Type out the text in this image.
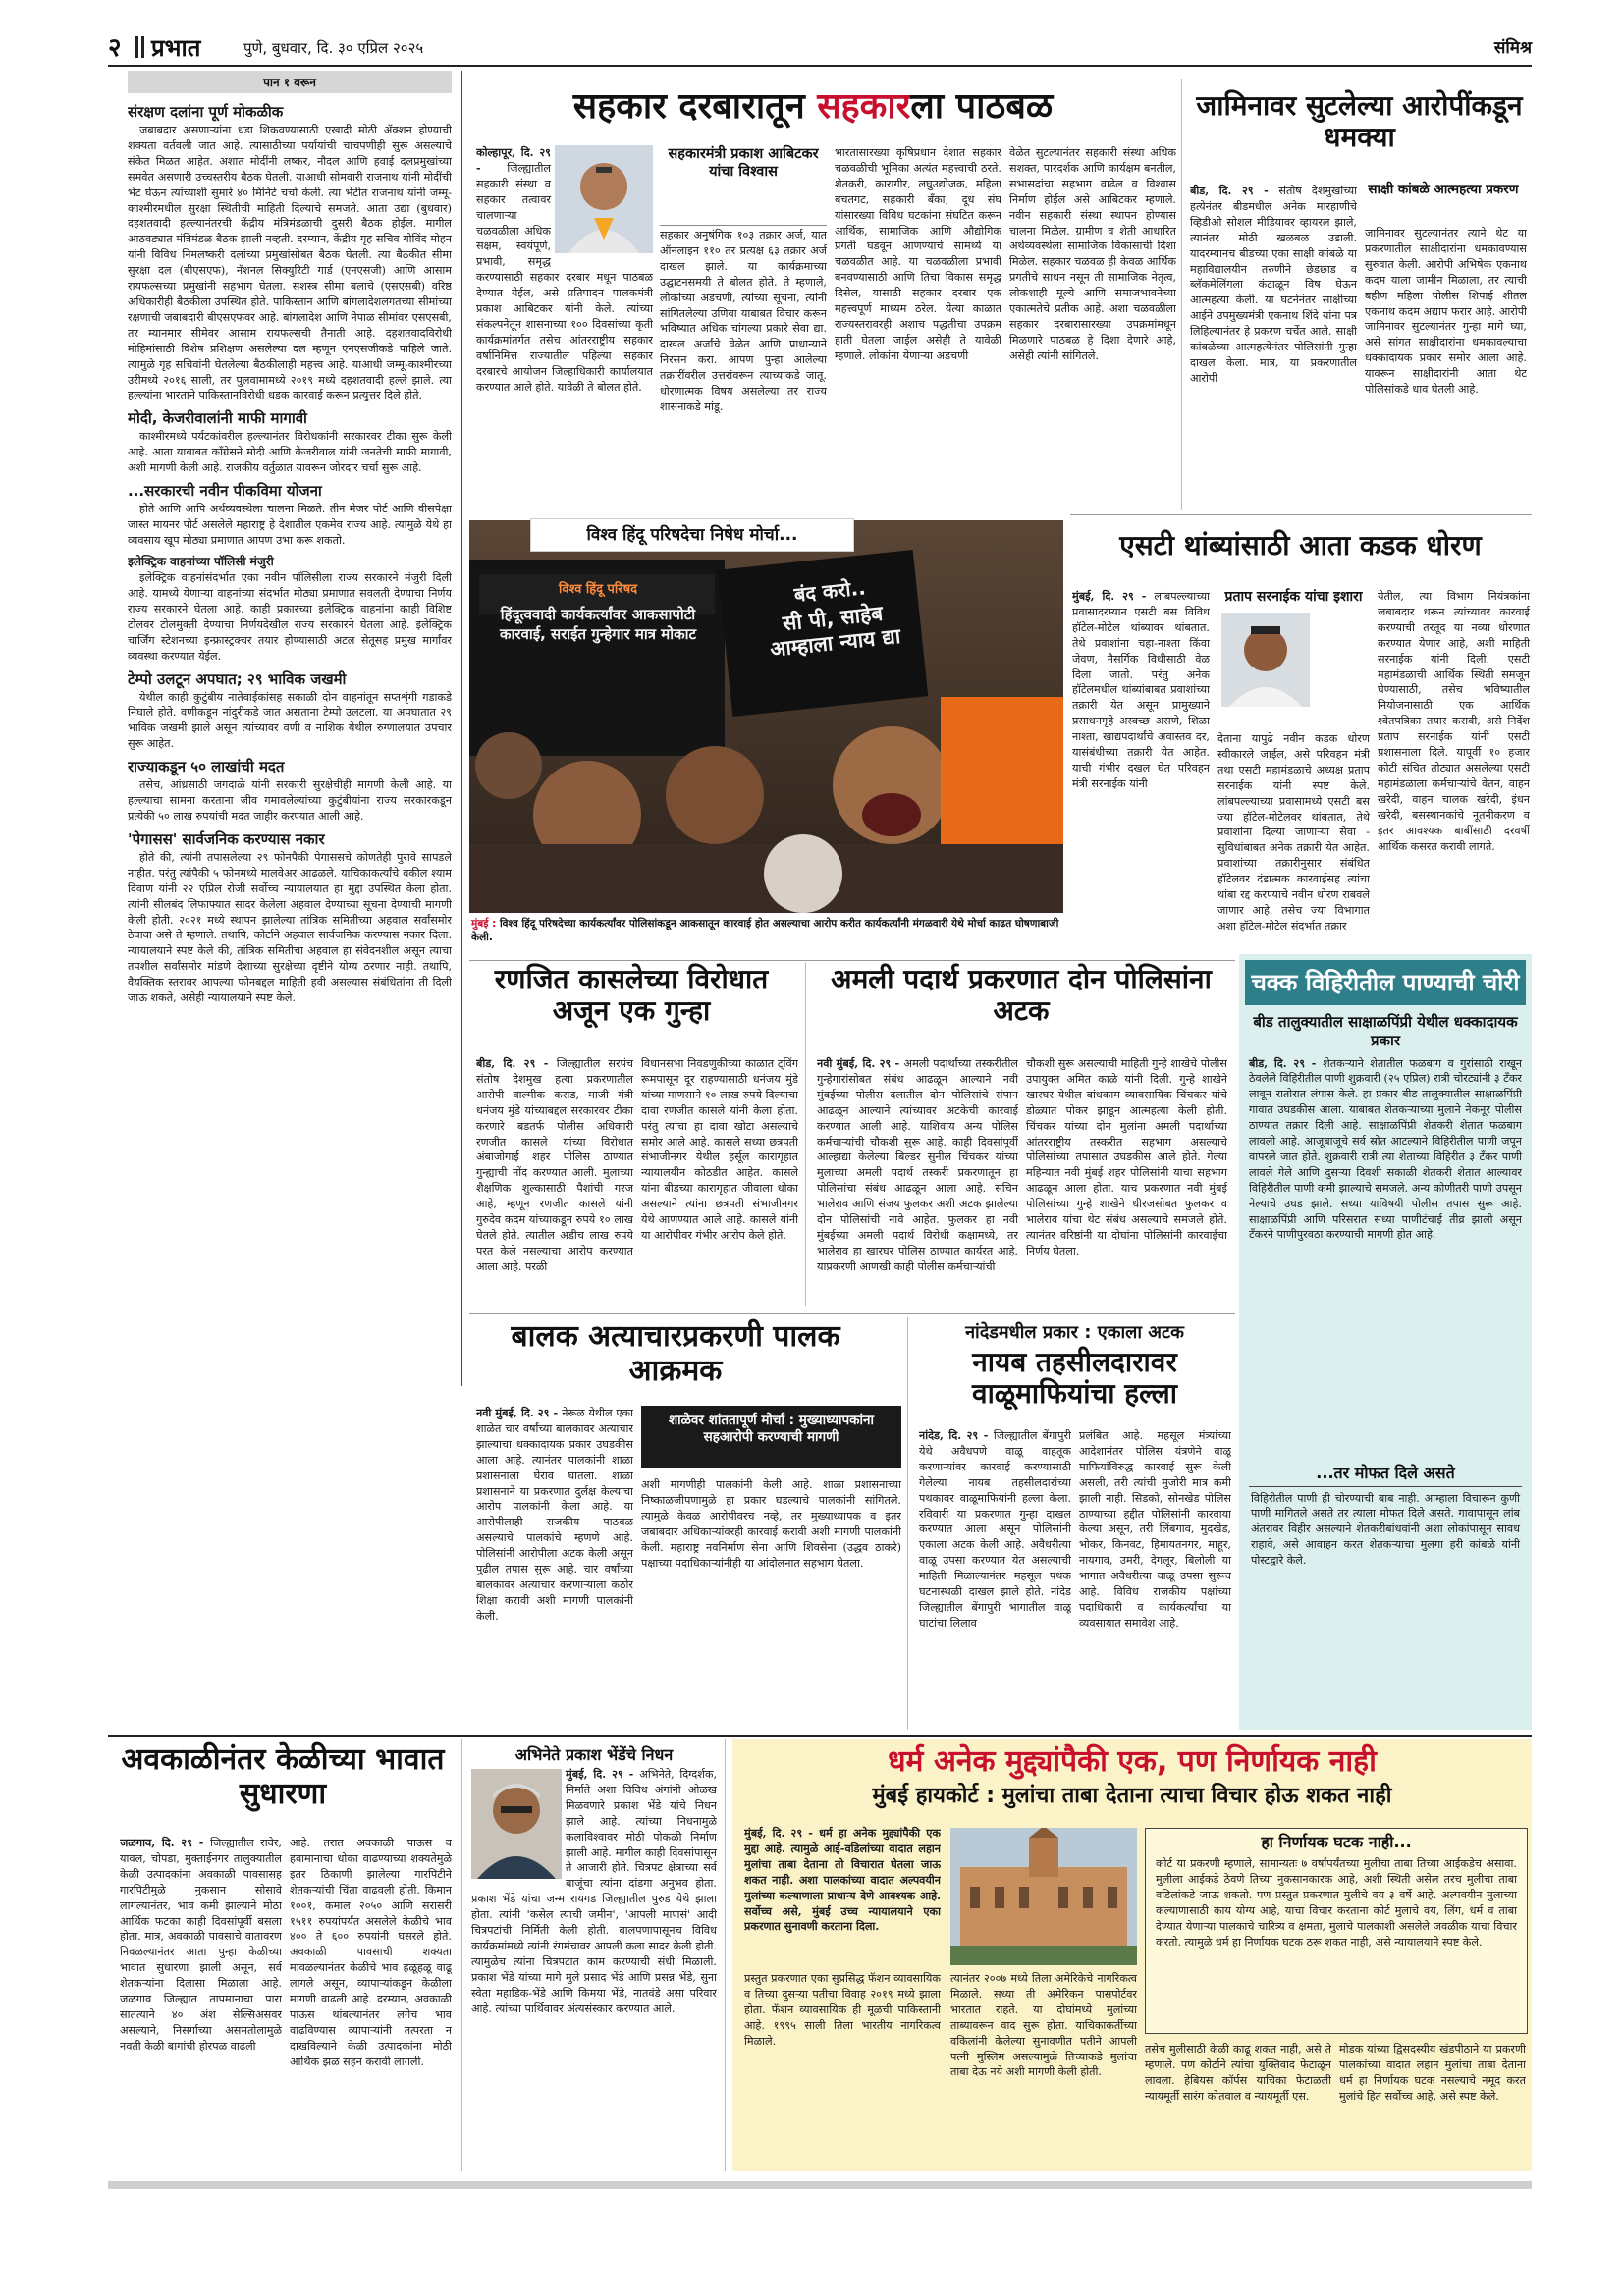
२ प्रभात	पुणे, बुधवार, दि. ३० एप्रिल २०२५	संमिश्र
पान १ वरून
संरक्षण दलांना पूर्ण मोकळीक

जबाबदार असणाऱ्यांना धडा शिकवण्यासाठी एखादी मोठी ॲक्शन होण्याची शक्यता वर्तवली जात आहे. त्यासाठीच्या पर्यायांची चाचपणीही सुरू असल्याचे संकेत मिळत आहेत. अशात मोदींनी लष्कर, नौदल आणि हवाई दलप्रमुखांच्या समवेत असणारी उच्चस्तरीय बैठक घेतली. याआधी सोमवारी राजनाथ यांनी मोदींची भेट घेऊन त्यांच्याशी सुमारे ४० मिनिटे चर्चा केली. त्या भेटीत राजनाथ यांनी जम्मू-काश्मीरमधील सुरक्षा स्थितीची माहिती दिल्याचे समजते. आता उद्या (बुधवार) दहशतवादी हल्ल्यानंतरची केंद्रीय मंत्रिमंडळाची दुसरी बैठक होईल. मागील आठवड्यात मंत्रिमंडळ बैठक झाली नव्हती. दरम्यान, केंद्रीय गृह सचिव गोविंद मोहन यांनी विविध निमलष्करी दलांच्या प्रमुखांसोबत बैठक घेतली. त्या बैठकीत सीमा सुरक्षा दल (बीएसएफ), नॅशनल सिक्युरिटी गार्ड (एनएसजी) आणि आसाम रायफल्सच्या प्रमुखांनी सहभाग घेतला. सशस्त्र सीमा बलाचे (एसएसबी) वरिष्ठ अधिकारीही बैठकीला उपस्थित होते. पाकिस्तान आणि बांगलादेशलगतच्या सीमांच्या रक्षणाची जबाबदारी बीएसएफवर आहे. बांगलादेश आणि नेपाळ सीमांवर एसएसबी, तर म्यानमार सीमेवर आसाम रायफल्सची तैनाती आहे. दहशतवादविरोधी मोहिमांसाठी विशेष प्रशिक्षण असलेल्या दल म्हणून एनएसजीकडे पाहिले जाते. त्यामुळे गृह सचिवांनी घेतलेल्या बैठकीलाही महत्त्व आहे. याआधी जम्मू-काश्मीरच्या उरीमध्ये २०१६ साली, तर पुलवामामध्ये २०१९ मध्ये दहशतवादी हल्ले झाले. त्या हल्ल्यांना भारताने पाकिस्तानविरोधी धडक कारवाई करून प्रत्युत्तर दिले होते.

मोदी, केजरीवालांनी माफी मागावी

काश्मीरमध्ये पर्यटकांवरील हल्ल्यानंतर विरोधकांनी सरकारवर टीका सुरू केली आहे. आता याबाबत काँग्रेसने मोदी आणि केजरीवाल यांनी जनतेची माफी मागावी, अशी मागणी केली आहे. राजकीय वर्तुळात यावरून जोरदार चर्चा सुरू आहे.

...सरकारची नवीन पीकविमा योजना

होते आणि आपि अर्थव्यवस्थेला चालना मिळते. तीन मेजर पोर्ट आणि वीसपेक्षा जास्त मायनर पोर्ट असलेले महाराष्ट्र हे देशातील एकमेव राज्य आहे. त्यामुळे येथे हा व्यवसाय खूप मोठ्या प्रमाणात आपण उभा करू शकतो.

इलेक्ट्रिक वाहनांच्या पॉलिसी मंजुरी

इलेक्ट्रिक वाहनांसंदर्भात एका नवीन पॉलिसीला राज्य सरकारने मंजुरी दिली आहे. यामध्ये येणाऱ्या वाहनांच्या संदर्भात मोठ्या प्रमाणात सवलती देण्याचा निर्णय राज्य सरकारने घेतला आहे. काही प्रकारच्या इलेक्ट्रिक वाहनांना काही विशिष्ट टोलवर टोलमुक्ती देण्याचा निर्णयदेखील राज्य सरकारने घेतला आहे. इलेक्ट्रिक चार्जिंग स्टेशनच्या इन्फ्रास्ट्रक्चर तयार होण्यासाठी अटल सेतूसह प्रमुख मार्गांवर व्यवस्था करण्यात येईल.

टेम्पो उलटून अपघात; २९ भाविक जखमी

येथील काही कुटुंबीय नातेवाईकांसह सकाळी दोन वाहनांतून सप्तशृंगी गडाकडे निघाले होते. वणीकडून नांदुरीकडे जात असताना टेम्पो उलटला. या अपघातात २९ भाविक जखमी झाले असून त्यांच्यावर वणी व नाशिक येथील रुग्णालयात उपचार सुरू आहेत.

राज्याकडून ५० लाखांची मदत

तसेच, आंध्रसाठी जगदाळे यांनी सरकारी सुरक्षेचीही मागणी केली आहे. या हल्ल्याचा सामना करताना जीव गमावलेल्यांच्या कुटुंबीयांना राज्य सरकारकडून प्रत्येकी ५० लाख रुपयांची मदत जाहीर करण्यात आली आहे.

'पेगासस' सार्वजनिक करण्यास नकार

होते की, त्यांनी तपासलेल्या २९ फोनपैकी पेगाससचे कोणतेही पुरावे सापडले नाहीत. परंतु त्यांपैकी ५ फोनमध्ये मालवेअर आढळले. याचिकाकर्त्यांचे वकील श्याम दिवाण यांनी २२ एप्रिल रोजी सर्वोच्च न्यायालयात हा मुद्दा उपस्थित केला होता. त्यांनी सीलबंद लिफाफ्यात सादर केलेला अहवाल देण्याच्या सूचना देण्याची मागणी केली होती. २०२१ मध्ये स्थापन झालेल्या तांत्रिक समितीच्या अहवाल सर्वांसमोर ठेवावा असे ते म्हणाले. तथापि, कोर्टाने अहवाल सार्वजनिक करण्यास नकार दिला. न्यायालयाने स्पष्ट केले की, तांत्रिक समितीचा अहवाल हा संवेदनशील असून त्याचा तपशील सर्वांसमोर मांडणे देशाच्या सुरक्षेच्या दृष्टीने योग्य ठरणार नाही. तथापि, वैयक्तिक स्तरावर आपल्या फोनबद्दल माहिती हवी असल्यास संबंधितांना ती दिली जाऊ शकते, असेही न्यायालयाने स्पष्ट केले.

सहकार दरबारातून सहकारला पाठबळ
कोल्हापूर, दि. २९ - जिल्ह्यातील सहकारी संस्था व सहकार तत्वावर चालणाऱ्या चळवळीला अधिक सक्षम, स्वयंपूर्ण, प्रभावी, समृद्ध करण्यासाठी सहकार दरबार मधून पाठबळ देण्यात येईल, असे प्रतिपादन पालकमंत्री प्रकाश आबिटकर यांनी केले. त्यांच्या संकल्पनेतून शासनाच्या १०० दिवसांच्या कृती कार्यक्रमांतर्गत तसेच आंतरराष्ट्रीय सहकार वर्षानिमित्त राज्यातील पहिल्या सहकार दरबारचे आयोजन जिल्हाधिकारी कार्यालयात करण्यात आले होते. यावेळी ते बोलत होते.
सहकारमंत्री प्रकाश आबिटकर यांचा विश्वास
सहकार अनुषंगिक १०३ तक्रार अर्ज, यात ऑनलाइन ११० तर प्रत्यक्ष ६३ तक्रार अर्ज दाखल झाले. या कार्यक्रमाच्या उद्घाटनसमयी ते बोलत होते. ते म्हणाले, लोकांच्या अडचणी, त्यांच्या सूचना, त्यांनी सांगितलेल्या उणिवा याबाबत विचार करून भविष्यात अधिक चांगल्या प्रकारे सेवा द्या. दाखल अर्जांचे वेळेत आणि प्राधान्याने निरसन करा. आपण पुन्हा आलेल्या तक्रारींवरील उत्तरांवरून त्याच्याकडे जातू. धोरणात्मक विषय असलेल्या तर राज्य शासनाकडे मांडू.
भारतासारख्या कृषिप्रधान देशात सहकार चळवळीची भूमिका अत्यंत महत्त्वाची ठरते. शेतकरी, कारागीर, लघुउद्योजक, महिला बचतगट, सहकारी बँका, दूध संघ यांसारख्या विविध घटकांना संघटित करून आर्थिक, सामाजिक आणि औद्योगिक प्रगती घडवून आणण्याचे सामर्थ्य या चळवळीत आहे. या चळवळीला प्रभावी बनवण्यासाठी आणि तिचा विकास समृद्ध दिसेल, यासाठी सहकार दरबार एक महत्त्वपूर्ण माध्यम ठरेल. येत्या काळात राज्यस्तरावरही अशाच पद्धतीचा उपक्रम हाती घेतला जाईल असेही ते यावेळी म्हणाले. लोकांना येणाऱ्या अडचणी
वेळेत सुटल्यानंतर सहकारी संस्था अधिक सशक्त, पारदर्शक आणि कार्यक्षम बनतील, सभासदांचा सहभाग वाढेल व विश्वास निर्माण होईल असे आबिटकर म्हणाले. नवीन सहकारी संस्था स्थापन होण्यास चालना मिळेल. ग्रामीण व शेती आधारित अर्थव्यवस्थेला सामाजिक विकासाची दिशा मिळेल. सहकार चळवळ ही केवळ आर्थिक प्रगतीचे साधन नसून ती सामाजिक नेतृत्व, लोकशाही मूल्ये आणि समाजभावनेच्या एकात्मतेचे प्रतीक आहे. अशा चळवळीला सहकार दरबारासारख्या उपक्रमांमधून मिळणारे पाठबळ हे दिशा देणारे आहे, असेही त्यांनी सांगितले.
जामिनावर सुटलेल्या आरोपींकडून धमक्या
साक्षी कांबळे आत्महत्या प्रकरण
बीड, दि. २९ - संतोष देशमुखांच्या हत्येनंतर बीडमधील अनेक मारहाणीचे व्हिडीओ सोशल मीडियावर व्हायरल झाले, त्यानंतर मोठी खळबळ उडाली. यादरम्यानच बीडच्या एका साक्षी कांबळे या महाविद्यालयीन तरुणीने छेडछाड व ब्लॅकमेलिंगला कंटाळून विष घेऊन आत्महत्या केली. या घटनेनंतर साक्षीच्या आईने उपमुख्यमंत्री एकनाथ शिंदे यांना पत्र लिहिल्यानंतर हे प्रकरण चर्चेत आले. साक्षी कांबळेच्या आत्महत्येनंतर पोलिसांनी गुन्हा दाखल केला. मात्र, या प्रकरणातील आरोपी
जामिनावर सुटल्यानंतर त्याने थेट या प्रकरणातील साक्षीदारांना धमकावण्यास सुरुवात केली. आरोपी अभिषेक एकनाथ कदम याला जामीन मिळाला, तर त्याची बहीण महिला पोलीस शिपाई शीतल एकनाथ कदम अद्याप फरार आहे. आरोपी जामिनावर सुटल्यानंतर गुन्हा मागे घ्या, असे सांगत साक्षीदारांना धमकावल्याचा धक्कादायक प्रकार समोर आला आहे. यावरून साक्षीदारांनी आता थेट पोलिसांकडे धाव घेतली आहे.
विश्व हिंदू परिषदेचा निषेध मोर्चा...
विश्व हिंदू परिषद
हिंदूत्ववादी कार्यकर्त्यांवर आकसापोटी कारवाई, सराईत गुन्हेगार मात्र मोकाट
बंद करो..
सी पी, साहेब आम्हाला न्याय द्या
मुंबई : विश्व हिंदू परिषदेच्या कार्यकर्त्यांवर पोलिसांकडून आकसातून कारवाई होत असल्याचा आरोप करीत कार्यकर्त्यांनी मंगळवारी येथे मोर्चा काढत घोषणाबाजी केली.
एसटी थांब्यांसाठी आता कडक धोरण
मुंबई, दि. २९ - लांबपल्ल्याच्या प्रवासादरम्यान एसटी बस विविध हॉटेल-मोटेल थांब्यावर थांबतात. तेथे प्रवाशांना चहा-नाश्ता किंवा जेवण, नैसर्गिक विधीसाठी वेळ दिला जातो. परंतु अनेक हॉटेलमधील थांब्यांबाबत प्रवाशांच्या तक्रारी येत असून प्रामुख्याने प्रसाधनगृहे अस्वच्छ असणे, शिळा नाश्ता, खाद्यपदार्थांचे अवास्तव दर, यासंबंधीच्या तक्रारी येत आहेत. याची गंभीर दखल घेत परिवहन मंत्री सरनाईक यांनी
प्रताप सरनाईक यांचा इशारा
देताना यापुढे नवीन कडक धोरण स्वीकारले जाईल, असे परिवहन मंत्री तथा एसटी महामंडळाचे अध्यक्ष प्रताप सरनाईक यांनी स्पष्ट केले. लांबपल्ल्याच्या प्रवासामध्ये एसटी बस ज्या हॉटेल-मोटेलवर थांबतात, तेथे प्रवाशांना दिल्या जाणाऱ्या सेवा - सुविधांबाबत अनेक तक्रारी येत आहेत. प्रवाशांच्या तक्रारीनुसार संबंधित हॉटेलवर दंडात्मक कारवाईसह त्यांचा थांबा रद्द करण्याचे नवीन धोरण राबवले जाणार आहे. तसेच ज्या विभागात अशा हॉटेल-मोटेल संदर्भात तक्रार
येतील, त्या विभाग नियंत्रकांना जबाबदार धरून त्यांच्यावर कारवाई करण्याची तरतूद या नव्या धोरणात करण्यात येणार आहे, अशी माहिती सरनाईक यांनी दिली. एसटी महामंडळाची आर्थिक स्थिती समजून घेण्यासाठी, तसेच भविष्यातील नियोजनासाठी एक आर्थिक श्वेतपत्रिका तयार करावी, असे निर्देश प्रताप सरनाईक यांनी एसटी प्रशासनाला दिले. यापूर्वी १० हजार कोटी संचित तोट्यात असलेल्या एसटी महामंडळाला कर्मचाऱ्यांचे वेतन, वाहन खरेदी, वाहन चालक खरेदी, इंधन खरेदी, बसस्थानकांचे नूतनीकरण व इतर आवश्यक बाबींसाठी दरवर्षी आर्थिक कसरत करावी लागते.
रणजित कासलेच्या विरोधात अजून एक गुन्हा
बीड, दि. २९ - जिल्ह्यातील सरपंच संतोष देशमुख हत्या प्रकरणातील आरोपी वाल्मीक कराड, माजी मंत्री धनंजय मुंडे यांच्याबद्दल सरकारवर टीका करणारे बडतर्फ पोलीस अधिकारी रणजीत कासले यांच्या विरोधात अंबाजोगाई शहर पोलिस ठाण्यात गुन्ह्याची नोंद करण्यात आली. मुलाच्या शैक्षणिक शुल्कासाठी पैशांची गरज आहे, म्हणून रणजीत कासले यांनी गुरुदेव कदम यांच्याकडून रुपये १० लाख घेतले होते. त्यातील अडीच लाख रुपये परत केले नसल्याचा आरोप करण्यात आला आहे. परळी
विधानसभा निवडणुकीच्या काळात ट्विंग रूमपासून दूर राहण्यासाठी धनंजय मुंडे यांच्या माणसाने १० लाख रुपये दिल्याचा दावा रणजीत कासले यांनी केला होता. परंतु त्यांचा हा दावा खोटा असल्याचे समोर आले आहे. कासले सध्या छत्रपती संभाजीनगर येथील हर्सूल कारागृहात न्यायालयीन कोठडीत आहेत. कासले यांना बीडच्या कारागृहात जीवाला धोका असल्याने त्यांना छत्रपती संभाजीनगर येथे आणण्यात आले आहे. कासले यांनी या आरोपीवर गंभीर आरोप केले होते.
अमली पदार्थ प्रकरणात दोन पोलिसांना अटक
नवी मुंबई, दि. २९ - अमली पदार्थांच्या तस्करीतील गुन्हेगारांसोबत संबंध आढळून आल्याने नवी मुंबईच्या पोलीस दलातील दोन पोलिसांचे संपान आढळून आल्याने त्यांच्यावर अटकेची कारवाई करण्यात आली आहे. याशिवाय अन्य पोलिस कर्मचाऱ्यांची चौकशी सुरू आहे. काही दिवसांपूर्वी आल्हाद्या केलेल्या बिल्डर सुनील चिंचकर यांच्या मुलाच्या अमली पदार्थ तस्करी प्रकरणातून हा पोलिसांचा संबंध आढळून आला आहे. सचिन भालेराव आणि संजय फुलकर अशी अटक झालेल्या दोन पोलिसांची नावे आहेत. फुलकर हा नवी मुंबईच्या अमली पदार्थ विरोधी कक्षामध्ये, तर भालेराव हा खारघर पोलिस ठाण्यात कार्यरत आहे. याप्रकरणी आणखी काही पोलीस कर्मचाऱ्यांची
चौकशी सुरू असल्याची माहिती गुन्हे शाखेचे पोलीस उपायुक्त अमित काळे यांनी दिली. गुन्हे शाखेने खारघर येथील बांधकाम व्यावसायिक चिंचकर यांचे डोळ्यात पोकर झाडून आत्महत्या केली होती. चिंचकर यांच्या दोन मुलांना अमली पदार्थाच्या आंतरराष्ट्रीय तस्करीत सहभाग असल्याचे पोलिसांच्या तपासात उघडकीस आले होते. गेल्या महिन्यात नवी मुंबई शहर पोलिसांनी याचा सहभाग आढळून आला होता. याच प्रकरणात नवी मुंबई पोलिसांच्या गुन्हे शाखेने धीरजसोबत फुलकर व भालेराव यांचा थेट संबंध असल्याचे समजले होते. त्यानंतर वरिष्ठांनी या दोघांना पोलिसांनी कारवाईचा निर्णय घेतला.
चक्क विहिरीतील पाण्याची चोरी
बीड तालुक्यातील साक्षाळपिंप्री येथील धक्कादायक प्रकार
बीड, दि. २९ - शेतकऱ्याने शेतातील फळबाग व गुरांसाठी राखून ठेवलेले विहिरीतील पाणी शुक्रवारी (२५ एप्रिल) रात्री चोरट्यांनी ३ टँकर लावून रातोरात लंपास केले. हा प्रकार बीड तालुक्यातील साक्षाळपिंप्री गावात उघडकीस आला. याबाबत शेतकऱ्याच्या मुलाने नेकनूर पोलीस ठाण्यात तक्रार दिली आहे. साक्षाळपिंप्री शेतकरी शेतात फळबाग लावली आहे. आजूबाजूचे सर्व स्रोत आटल्याने विहिरीतील पाणी जपून वापरले जात होते. शुक्रवारी रात्री त्या शेताच्या विहिरीत ३ टँकर पाणी लावले गेले आणि दुसऱ्या दिवशी सकाळी शेतकरी शेतात आल्यावर विहिरीतील पाणी कमी झाल्याचे समजले. अन्य कोणीतरी पाणी उपसून नेल्याचे उघड झाले. सध्या याविषयी पोलीस तपास सुरू आहे. साक्षाळपिंप्री आणि परिसरात सध्या पाणीटंचाई तीव्र झाली असून टँकरने पाणीपुरवठा करण्याची मागणी होत आहे.
...तर मोफत दिले असते
विहिरीतील पाणी ही चोरण्याची बाब नाही. आम्हाला विचारून कुणी पाणी मागितले असते तर त्याला मोफत दिले असते. गावापासून लांब अंतरावर विहीर असल्याने शेतकरीबांधवांनी अशा लोकांपासून सावध राहावे, असे आवाहन करत शेतकऱ्याचा मुलगा हरी कांबळे यांनी पोस्टद्वारे केले.
बालक अत्याचारप्रकरणी पालक आक्रमक
नवी मुंबई, दि. २९ - नेरूळ येथील एका शाळेत चार वर्षांच्या बालकावर अत्याचार झाल्याचा धक्कादायक प्रकार उघडकीस आला आहे. त्यानंतर पालकांनी शाळा प्रशासनाला घेराव घातला. शाळा प्रशासनाने या प्रकरणात दुर्लक्ष केल्याचा आरोप पालकांनी केला आहे. या आरोपीलाही राजकीय पाठबळ असल्याचे पालकांचे म्हणणे आहे. पोलिसांनी आरोपीला अटक केली असून पुढील तपास सुरू आहे. चार वर्षांच्या बालकावर अत्याचार करणाऱ्याला कठोर शिक्षा करावी अशी मागणी पालकांनी केली.
शाळेवर शांततापूर्ण मोर्चा : मुख्याध्यापकांना सहआरोपी करण्याची मागणी
अशी मागणीही पालकांनी केली आहे. शाळा प्रशासनाच्या निष्काळजीपणामुळे हा प्रकार घडल्याचे पालकांनी सांगितले. त्यामुळे केवळ आरोपीवरच नव्हे, तर मुख्याध्यापक व इतर जबाबदार अधिकाऱ्यांवरही कारवाई करावी अशी मागणी पालकांनी केली. महाराष्ट्र नवनिर्माण सेना आणि शिवसेना (उद्धव ठाकरे) पक्षाच्या पदाधिकाऱ्यांनीही या आंदोलनात सहभाग घेतला.
नांदेडमधील प्रकार : एकाला अटक
नायब तहसीलदारावर वाळूमाफियांचा हल्ला
नांदेड, दि. २९ - जिल्ह्यातील बेंगापुरी येथे अवैधपणे वाळू वाहतूक करणाऱ्यांवर कारवाई करण्यासाठी गेलेल्या नायब तहसीलदारांच्या पथकावर वाळूमाफियांनी हल्ला केला. रविवारी या प्रकरणात गुन्हा दाखल करण्यात आला असून पोलिसांनी एकाला अटक केली आहे. अवैधरीत्या वाळू उपसा करण्यात येत असल्याची माहिती मिळाल्यानंतर महसूल पथक घटनास्थळी दाखल झाले होते. नांदेड जिल्ह्यातील बेंगापुरी भागातील वाळू घाटांचा लिलाव
प्रलंबित आहे. महसूल मंत्र्यांच्या आदेशानंतर पोलिस यंत्रणेने वाळू माफियांविरुद्ध कारवाई सुरू केली असली, तरी त्यांची मुजोरी मात्र कमी झाली नाही. सिडको, सोनखेड पोलिस ठाण्याच्या हद्दीत पोलिसांनी कारवाया केल्या असून, तरी लिंबगाव, मुदखेड, भोकर, किनवट, हिमायतनगर, माहूर, नायगाव, उमरी, देगलूर, बिलोली या भागात अवैधरीत्या वाळू उपसा सुरूच आहे. विविध राजकीय पक्षांच्या पदाधिकारी व कार्यकर्त्यांचा या व्यवसायात समावेश आहे.
अवकाळीनंतर केळीच्या भावात सुधारणा
जळगाव, दि. २९ - जिल्ह्यातील रावेर, यावल, चोपडा, मुक्ताईनगर तालुक्यातील केळी उत्पादकांना अवकाळी पावसासह गारपिटीमुळे नुकसान सोसावे लागल्यानंतर, भाव कमी झाल्याने मोठा आर्थिक फटका काही दिवसांपूर्वी बसला होता. मात्र, अवकाळी पावसाचे वातावरण निवळल्यानंतर आता पुन्हा केळीच्या भावात सुधारणा झाली असून, सर्व शेतकऱ्यांना दिलासा मिळाला आहे. जळगाव जिल्ह्यात तापमानाचा पारा सातत्याने ४० अंश सेल्सिअसवर असल्याने, निसर्गाच्या असमतोलामुळे नवती केळी बागांची होरपळ वाढली
आहे. तरात अवकाळी पाऊस व हवामानाचा धोका वाढण्याच्या शक्यतेमुळे इतर ठिकाणी झालेल्या गारपिटीने शेतकऱ्यांची चिंता वाढवली होती. किमान १००१, कमाल २०५० आणि सरासरी १५११ रुपयांपर्यंत असलेले केळीचे भाव ४०० ते ६०० रुपयांनी घसरले होते. अवकाळी पावसाची शक्यता मावळल्यानंतर केळीचे भाव हळूहळू वाढू लागले असून, व्यापाऱ्यांकडून केळीला मागणी वाढली आहे. दरम्यान, अवकाळी पाऊस थांबल्यानंतर लगेच भाव वाढविण्यास व्यापाऱ्यांनी तत्परता न दाखविल्याने केळी उत्पादकांना मोठी आर्थिक झळ सहन करावी लागली.
अभिनेते प्रकाश भेंडेंचे निधन
मुंबई, दि. २९ - अभिनेते, दिग्दर्शक, निर्माते अशा विविध अंगांनी ओळख मिळवणारे प्रकाश भेंडे यांचे निधन झाले आहे. त्यांच्या निधनामुळे कलाविश्वावर मोठी पोकळी निर्माण झाली आहे. मागील काही दिवसांपासून ते आजारी होते. चित्रपट क्षेत्राच्या सर्व बाजूंचा त्यांना दांडगा अनुभव होता. प्रकाश भेंडे यांचा जन्म रायगड जिल्ह्यातील पुरुड येथे झाला होता. त्यांनी 'कसेल त्याची जमीन', 'आपली माणसं' आदी चित्रपटांची निर्मिती केली होती. बालपणापासूनच विविध कार्यक्रमांमध्ये त्यांनी रंगमंचावर आपली कला सादर केली होती. त्यामुळेच त्यांना चित्रपटात काम करण्याची संधी मिळाली. प्रकाश भेंडे यांच्या मागे मुले प्रसाद भेंडे आणि प्रसन्न भेंडे, सुना स्वेता महाडिक-भेंडे आणि किमया भेंडे, नातवंडे असा परिवार आहे. त्यांच्या पार्थिवावर अंत्यसंस्कार करण्यात आले.
धर्म अनेक मुद्द्यांपैकी एक, पण निर्णायक नाही
मुंबई हायकोर्ट : मुलांचा ताबा देताना त्याचा विचार होऊ शकत नाही
मुंबई, दि. २९ - धर्म हा अनेक मुद्द्यांपैकी एक मुद्दा आहे. त्यामुळे आई-वडिलांच्या वादात लहान मुलांचा ताबा देताना तो विचारात घेतला जाऊ शकत नाही. अशा पालकांच्या वादात अल्पवयीन मुलांच्या कल्याणाला प्राधान्य देणे आवश्यक आहे. सर्वोच्च असे, मुंबई उच्च न्यायालयाने एका प्रकरणात सुनावणी करताना दिला.
हा निर्णायक घटक नाही...
कोर्ट या प्रकरणी म्हणाले, सामान्यतः ७ वर्षांपर्यंतच्या मुलीचा ताबा तिच्या आईकडेच असावा. मुलीला आईकडे ठेवणे तिच्या नुकसानकारक आहे, अशी स्थिती असेल तरच मुलीचा ताबा वडिलांकडे जाऊ शकतो. पण प्रस्तुत प्रकरणात मुलीचे वय ३ वर्षे आहे. अल्पवयीन मुलाच्या कल्याणासाठी काय योग्य आहे, याचा विचार करताना कोर्ट मुलाचे वय, लिंग, धर्म व ताबा देण्यात येणाऱ्या पालकाचे चारित्र्य व क्षमता, मुलाचे पालकाशी असलेले जवळीक याचा विचार करतो. त्यामुळे धर्म हा निर्णायक घटक ठरू शकत नाही, असे न्यायालयाने स्पष्ट केले.
प्रस्तुत प्रकरणात एका सुप्रसिद्ध फॅशन व्यावसायिक व तिच्या दुसऱ्या पतीचा विवाह २०१९ मध्ये झाला होता. फॅशन व्यावसायिक ही मूळची पाकिस्तानी आहे. १९९५ साली तिला भारतीय नागरिकत्व मिळाले.
त्यानंतर २००७ मध्ये तिला अमेरिकेचे नागरिकत्व मिळाले. सध्या ती अमेरिकन पासपोर्टवर भारतात राहते. या दोघांमध्ये मुलांच्या ताब्यावरून वाद सुरू होता. याचिकाकर्तीच्या वकिलांनी केलेल्या सुनावणीत पतीने आपली पत्नी मुस्लिम असल्यामुळे तिच्याकडे मुलांचा ताबा देऊ नये अशी मागणी केली होती.
तसेच मुलीसाठी केळी काढू शकत नाही, असे ते म्हणाले. पण कोर्टाने त्यांचा युक्तिवाद फेटाळून लावला. हेबियस कॉर्पस याचिका फेटाळली न्यायमूर्ती सारंग कोतवाल व न्यायमूर्ती एस.
मोडक यांच्या द्विसदस्यीय खंडपीठाने या प्रकरणी पालकांच्या वादात लहान मुलांचा ताबा देताना धर्म हा निर्णायक घटक नसल्याचे नमूद करत मुलांचे हित सर्वोच्च आहे, असे स्पष्ट केले.
